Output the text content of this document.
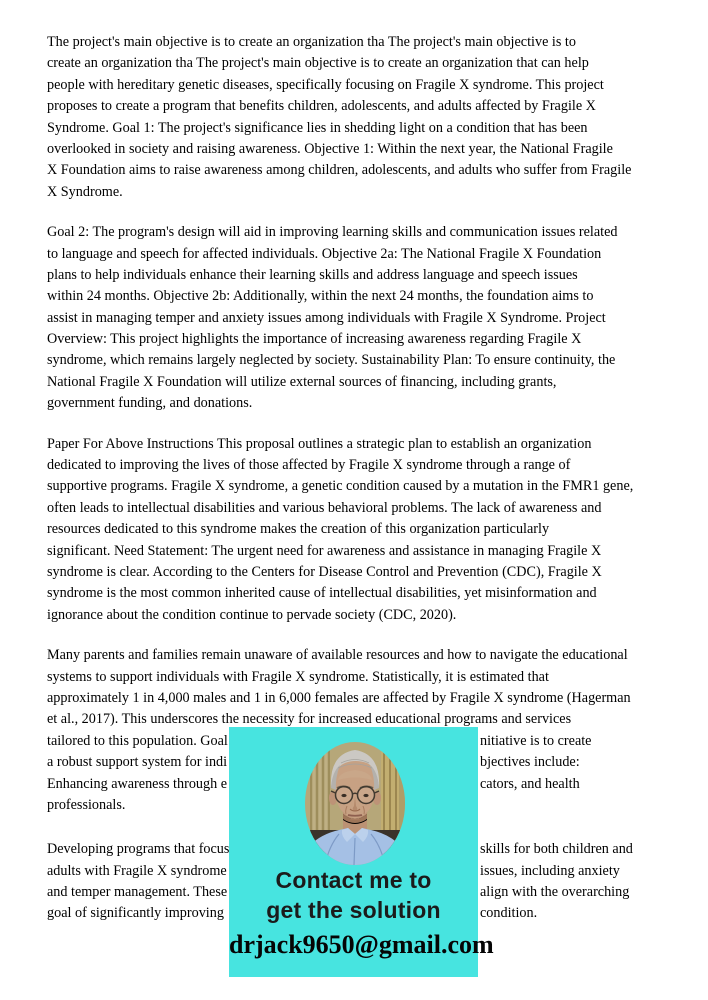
The project's main objective is to create an organization tha The project's main objective is to
create an organization tha The project's main objective is to create an organization that can help
people with hereditary genetic diseases, specifically focusing on Fragile X syndrome. This project
proposes to create a program that benefits children, adolescents, and adults affected by Fragile X
Syndrome. Goal 1: The project's significance lies in shedding light on a condition that has been
overlooked in society and raising awareness. Objective 1: Within the next year, the National Fragile
X Foundation aims to raise awareness among children, adolescents, and adults who suffer from Fragile
X Syndrome.
Goal 2: The program's design will aid in improving learning skills and communication issues related
to language and speech for affected individuals. Objective 2a: The National Fragile X Foundation
plans to help individuals enhance their learning skills and address language and speech issues
within 24 months. Objective 2b: Additionally, within the next 24 months, the foundation aims to
assist in managing temper and anxiety issues among individuals with Fragile X Syndrome. Project
Overview: This project highlights the importance of increasing awareness regarding Fragile X
syndrome, which remains largely neglected by society. Sustainability Plan: To ensure continuity, the
National Fragile X Foundation will utilize external sources of financing, including grants,
government funding, and donations.
Paper For Above Instructions This proposal outlines a strategic plan to establish an organization
dedicated to improving the lives of those affected by Fragile X syndrome through a range of
supportive programs. Fragile X syndrome, a genetic condition caused by a mutation in the FMR1 gene,
often leads to intellectual disabilities and various behavioral problems. The lack of awareness and
resources dedicated to this syndrome makes the creation of this organization particularly
significant. Need Statement: The urgent need for awareness and assistance in managing Fragile X
syndrome is clear. According to the Centers for Disease Control and Prevention (CDC), Fragile X
syndrome is the most common inherited cause of intellectual disabilities, yet misinformation and
ignorance about the condition continue to pervade society (CDC, 2020).
Many parents and families remain unaware of available resources and how to navigate the educational
systems to support individuals with Fragile X syndrome. Statistically, it is estimated that
approximately 1 in 4,000 males and 1 in 6,000 females are affected by Fragile X syndrome (Hagerman
et al., 2017). This underscores the necessity for increased educational programs and services
tailored to this population. Goal	nitiative is to create
a robust support system for indi	bjectives include:
Enhancing awareness through e	cators, and health
professionals.
Developing programs that focus	skills for both children and
adults with Fragile X syndrome	issues, including anxiety
and temper management. These	align with the overarching
goal of significantly improving	condition.
Contact me to
get the solution
drjack9650@gmail.com
